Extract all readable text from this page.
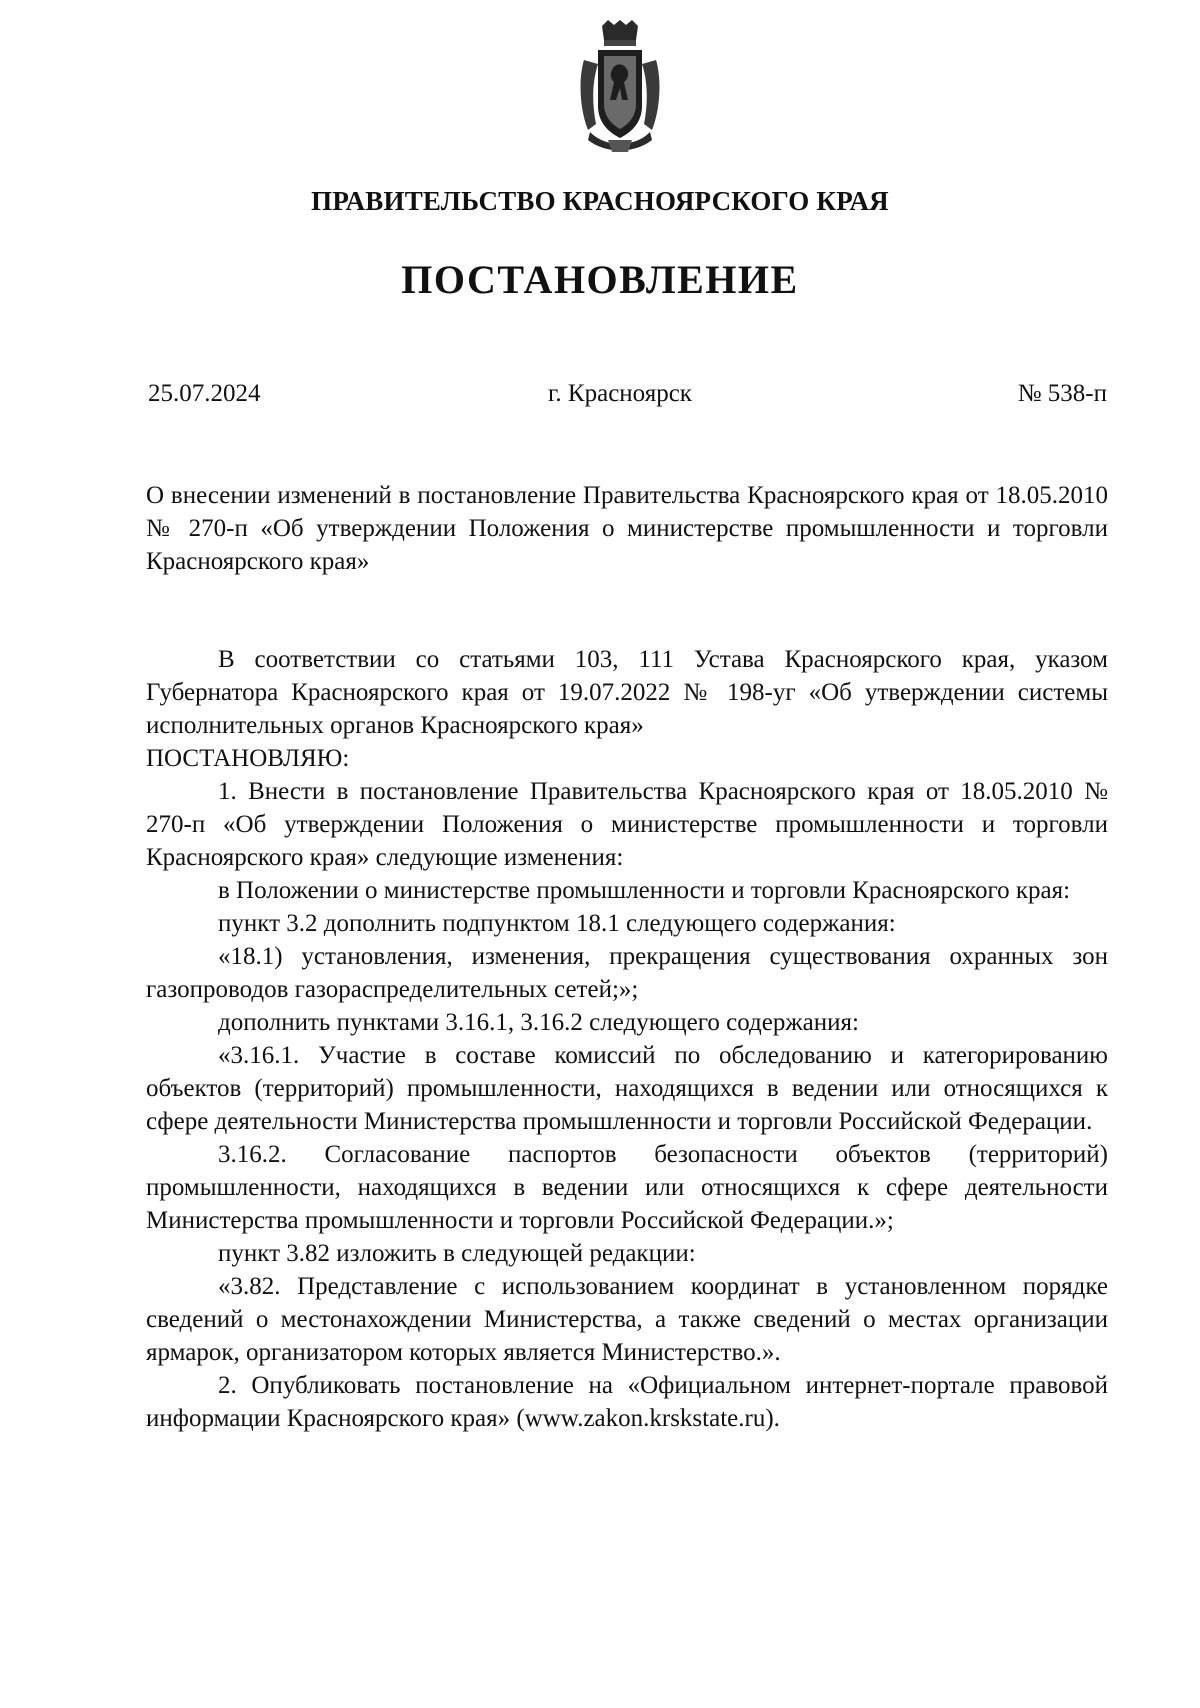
ПРАВИТЕЛЬСТВО КРАСНОЯРСКОГО КРАЯ
ПОСТАНОВЛЕНИЕ
25.07.2024	г. Красноярск	№ 538-п
О внесении изменений в постановление Правительства Красноярского края от 18.05.2010 № 270-п «Об утверждении Положения о министерстве промышленности и торговли Красноярского края»

В соответствии со статьями 103, 111 Устава Красноярского края, указом Губернатора Красноярского края от 19.07.2022 № 198-уг «Об утверждении системы исполнительных органов Красноярского края»

ПОСТАНОВЛЯЮ:

1. Внести в постановление Правительства Красноярского края от 18.05.2010 № 270-п «Об утверждении Положения о министерстве промышленности и торговли Красноярского края» следующие изменения:

в Положении о министерстве промышленности и торговли Красноярского края:

пункт 3.2 дополнить подпунктом 18.1 следующего содержания:

«18.1) установления, изменения, прекращения существования охранных зон газопроводов газораспределительных сетей;»;

дополнить пунктами 3.16.1, 3.16.2 следующего содержания:

«3.16.1. Участие в составе комиссий по обследованию и категорированию объектов (территорий) промышленности, находящихся в ведении или относящихся к сфере деятельности Министерства промышленности и торговли Российской Федерации.

3.16.2. Согласование паспортов безопасности объектов (территорий) промышленности, находящихся в ведении или относящихся к сфере деятельности Министерства промышленности и торговли Российской Федерации.»;

пункт 3.82 изложить в следующей редакции:

«3.82. Представление с использованием координат в установленном порядке сведений о местонахождении Министерства, а также сведений о местах организации ярмарок, организатором которых является Министерство.».

2. Опубликовать постановление на «Официальном интернет-портале правовой информации Красноярского края» (www.zakon.krskstate.ru).
